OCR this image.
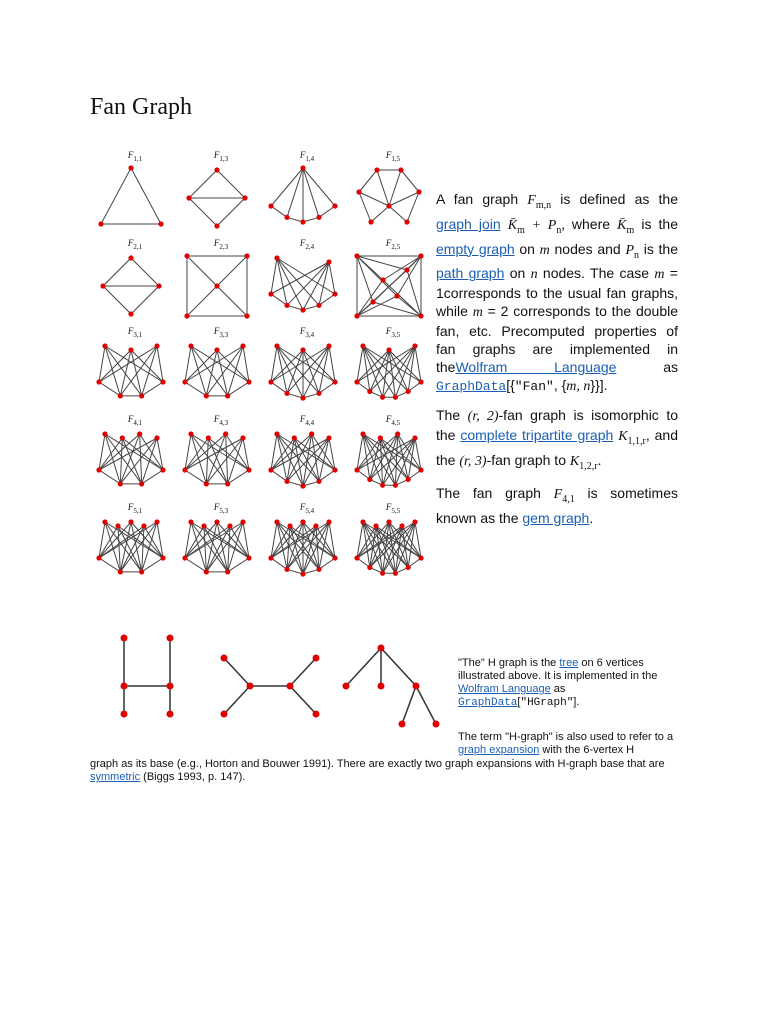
Fan Graph
$F_{1,1}$	$F_{1,3}$	$F_{1,4}$	$F_{1,5}$
$F_{2,1}$	$F_{2,3}$	$F_{2,4}$	$F_{2,5}$
$F_{3,1}$	$F_{3,3}$	$F_{3,4}$	$F_{3,5}$
$F_{4,1}$	$F_{4,3}$	$F_{4,4}$	$F_{4,5}$
$F_{5,1}$	$F_{5,3}$	$F_{5,4}$	$F_{5,5}$
A fan graph $F_{m,n}$ is defined as the graph join $K̄_m + P_n$, where $K̄_m$ is the empty graph on m nodes and $P_n$ is the path graph on n nodes. The case m = 1corresponds to the usual fan graphs, while m = 2 corresponds to the double fan, etc. Precomputed properties of fan graphs are implemented in theWolfram Language as GraphData[{"Fan", {m, n}}].
The (r, 2)-fan graph is isomorphic to the complete tripartite graph $K_{1,1,r}$, and the (r, 3)-fan graph to $K_{1,2,r}$.
The fan graph $F_{4,1}$ is sometimes known as the gem graph.
"The" H graph is the tree on 6 vertices illustrated above. It is implemented in the Wolfram Language as GraphData["HGraph"].
The term "H-graph" is also used to refer to a graph expansion with the 6-vertex H
graph as its base (e.g., Horton and Bouwer 1991). There are exactly two graph expansions with H-graph base that are symmetric (Biggs 1993, p. 147).
